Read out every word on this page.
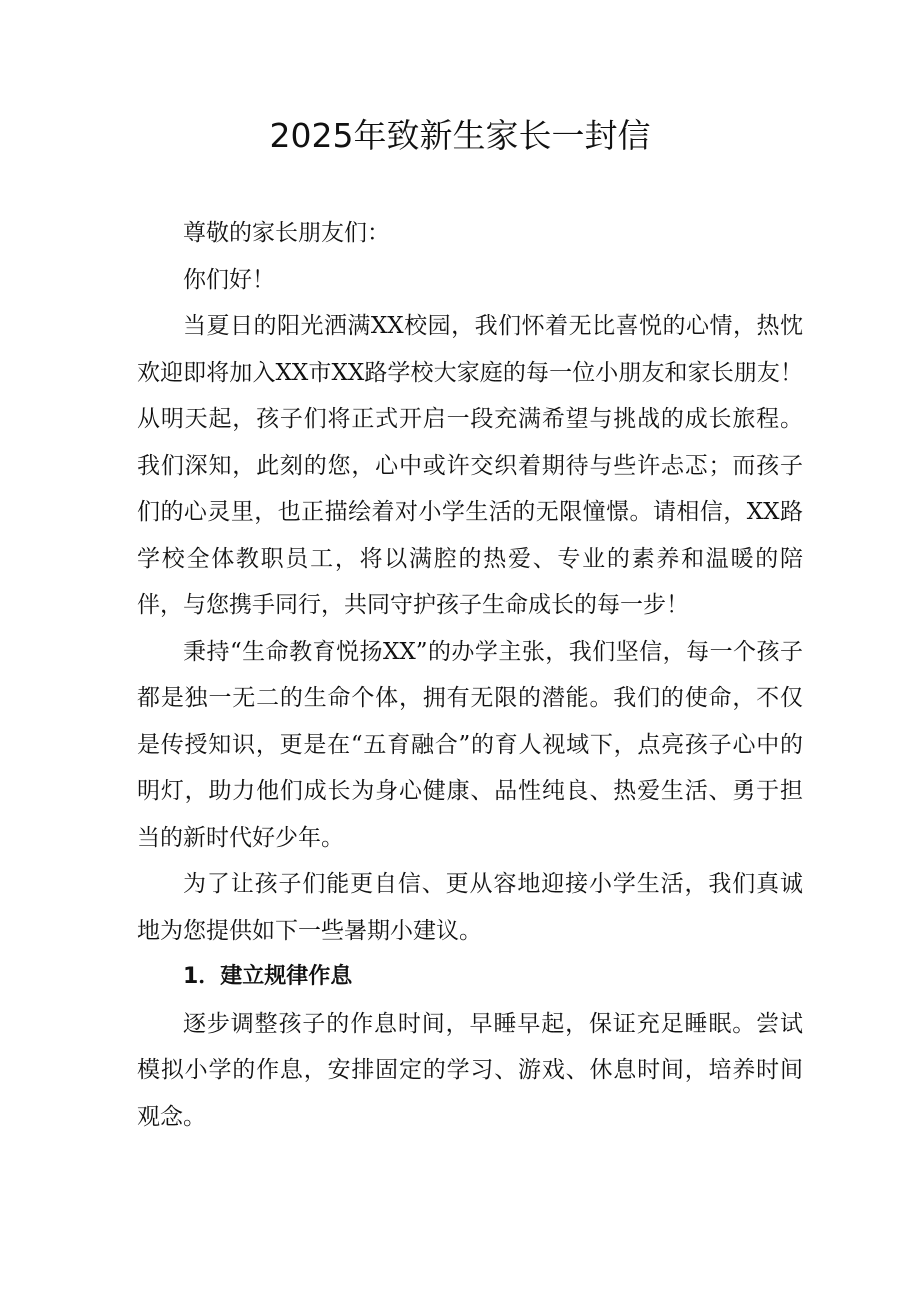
2025年致新生家长一封信

尊敬的家长朋友们：

你们好！

当夏日的阳光洒满XX校园，我们怀着无比喜悦的心情，热忱欢迎即将加入XX市XX路学校大家庭的每一位小朋友和家长朋友！从明天起，孩子们将正式开启一段充满希望与挑战的成长旅程。我们深知，此刻的您，心中或许交织着期待与些许忐忑；而孩子们的心灵里，也正描绘着对小学生活的无限憧憬。请相信，XX路学校全体教职员工，将以满腔的热爱、专业的素养和温暖的陪伴，与您携手同行，共同守护孩子生命成长的每一步！

秉持“生命教育悦扬XX”的办学主张，我们坚信，每一个孩子都是独一无二的生命个体，拥有无限的潜能。我们的使命，不仅是传授知识，更是在“五育融合”的育人视域下，点亮孩子心中的明灯，助力他们成长为身心健康、品性纯良、热爱生活、勇于担当的新时代好少年。

为了让孩子们能更自信、更从容地迎接小学生活，我们真诚地为您提供如下一些暑期小建议。

1．建立规律作息

逐步调整孩子的作息时间，早睡早起，保证充足睡眠。尝试模拟小学的作息，安排固定的学习、游戏、休息时间，培养时间观念。
